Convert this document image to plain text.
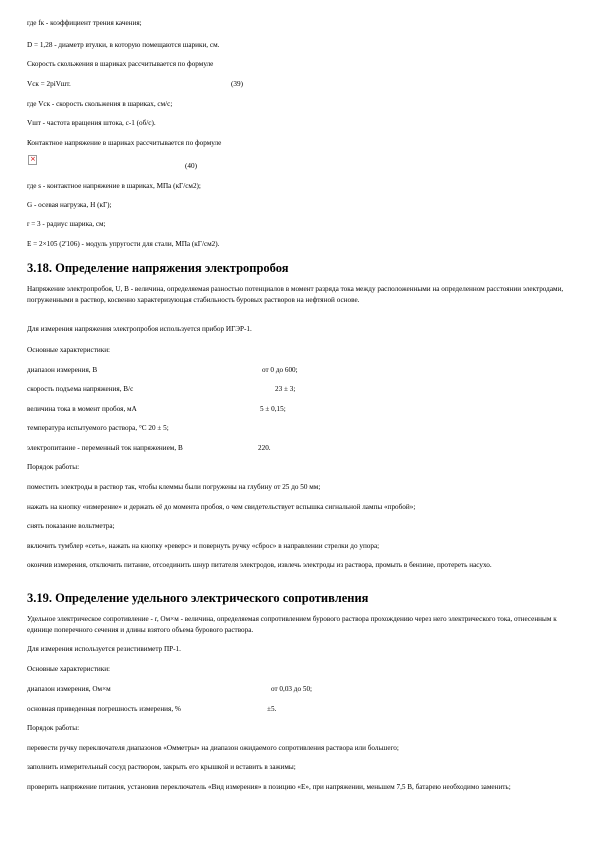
где fк - коэффициент трения качения;

D = 1,28 - диаметр втулки, в которую помещаются шарики, см.

Скорость скольжения в шариках рассчитывается по формуле

Vск = 2piVшт.	(39)

где Vск - скорость скольжения в шариках, см/с;

Vшт - частота вращения штока, с-1 (об/с).

Контактное напряжение в шариках рассчитывается по формуле

×
(40)

где s - контактное напряжение в шариках, МПа (кГ/см2);

G - осевая нагрузка, Н (кГ);

r = 3 - радиус шарика, см;

Е = 2×105 (2'106) - модуль упругости для стали, МПа (кГ/см2).

3.18. Определение напряжения электропробоя

Напряжение электропробоя, U, В - величина, определяемая разностью потенциалов в момент разряда тока между расположенными на определенном расстоянии электродами, погруженными в раствор, косвенно характеризующая стабильность буровых растворов на нефтяной основе.

Для измерения напряжения электропробоя используется прибор ИГЭР-1.

Основные характеристики:

диапазон измерения, В	от 0 до 600;

скорость подъема напряжения, В/с	23 ± 3;

величина тока в момент пробоя, мА	5 ± 0,15;

температура испытуемого раствора, °С 20 ± 5;

электропитание - переменный ток напряжением, В	220.

Порядок работы:

поместить электроды в раствор так, чтобы клеммы были погружены на глубину от 25 до 50 мм;

нажать на кнопку «измерение» и держать её до момента пробоя, о чем свидетельствует вспышка сигнальной лампы «пробой»;

снять показание вольтметра;

включить тумблер «сеть», нажать на кнопку «реверс» и повернуть ручку «сброс» в направлении стрелки до упора;

окончив измерения, отключить питание, отсоединить шнур питателя электродов, извлечь электроды из раствора, промыть в бензине, протереть насухо.

3.19. Определение удельного электрического сопротивления

Удельное электрическое сопротивление - r, Ом×м - величина, определяемая сопротивлением бурового раствора прохождению через него электрического тока, отнесенным к единице поперечного сечения и длины взятого объема бурового раствора.

Для измерения используется резистивиметр ПР-1.

Основные характеристики:

диапазон измерения, Ом×м	от 0,03 до 50;

основная приведенная погрешность измерения, %	±5.

Порядок работы:

перевести ручку переключателя диапазонов «Омметры» на диапазон ожидаемого сопротивления раствора или большего;

заполнить измерительный сосуд раствором, закрыть его крышкой и вставить в зажимы;

проверить напряжение питания, установив переключатель «Вид измерения» в позицию «Е», при напряжении, меньшем 7,5 В, батарею необходимо заменить;
